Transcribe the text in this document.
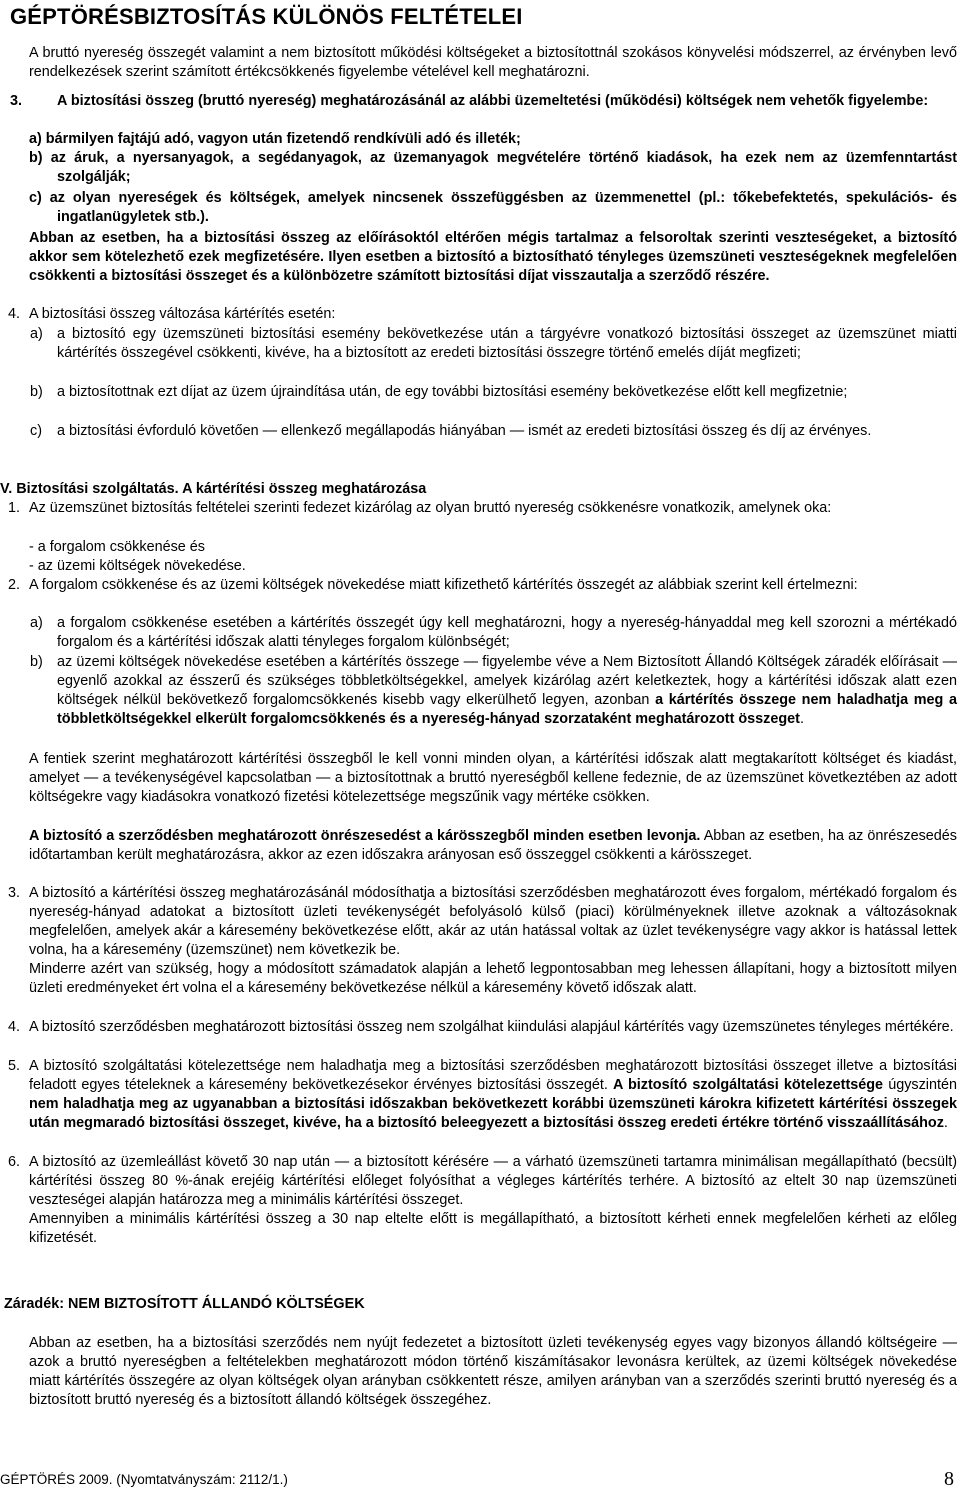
GÉPTÖRÉSBIZTOSÍTÁS KÜLÖNÖS FELTÉTELEI
A bruttó nyereség összegét valamint a nem biztosított működési költségeket a biztosítottnál szokásos könyvelési módszerrel, az érvényben levő rendelkezések szerint számított értékcsökkenés figyelembe vételével kell meghatározni.
3.	A biztosítási összeg (bruttó nyereség) meghatározásánál az alábbi üzemeltetési (működési) költségek nem vehetők figyelembe:
a) bármilyen fajtájú adó, vagyon után fizetendő rendkívüli adó és illeték;
b) az áruk, a nyersanyagok, a segédanyagok, az üzemanyagok megvételére történő kiadások, ha ezek nem az üzemfenntartást szolgálják;
c) az olyan nyereségek és költségek, amelyek nincsenek összefüggésben az üzemmenettel (pl.: tőkebefektetés, spekulációs- és ingatlanügyletek stb.).
Abban az esetben, ha a biztosítási összeg az előírásoktól eltérően mégis tartalmaz a felsoroltak szerinti veszteségeket, a biztosító akkor sem kötelezhető ezek megfizetésére. Ilyen esetben a biztosító a biztosítható tényleges üzemszüneti veszteségeknek megfelelően csökkenti a biztosítási összeget és a különbözetre számított biztosítási díjat visszautalja a szerződő részére.
4. A biztosítási összeg változása kártérítés esetén:
a) a biztosító egy üzemszüneti biztosítási esemény bekövetkezése után a tárgyévre vonatkozó biztosítási összeget az üzemszünet miatti kártérítés összegével csökkenti, kivéve, ha a biztosított az eredeti biztosítási összegre történő emelés díját megfizeti;
b) a biztosítottnak ezt díjat az üzem újraindítása után, de egy további biztosítási esemény bekövetkezése előtt kell megfizetnie;
c) a biztosítási évforduló követően — ellenkező megállapodás hiányában — ismét az eredeti biztosítási összeg és díj az érvényes.
V. Biztosítási szolgáltatás. A kártérítési összeg meghatározása
1. Az üzemszünet biztosítás feltételei szerinti fedezet kizárólag az olyan bruttó nyereség csökkenésre vonatkozik, amelynek oka:
- a forgalom csökkenése és
- az üzemi költségek növekedése.
2. A forgalom csökkenése és az üzemi költségek növekedése miatt kifizethető kártérítés összegét az alábbiak szerint kell értelmezni:
a) a forgalom csökkenése esetében a kártérítés összegét úgy kell meghatározni, hogy a nyereség-hányaddal meg kell szorozni a mértékadó forgalom és a kártérítési időszak alatti tényleges forgalom különbségét;
b) az üzemi költségek növekedése esetében a kártérítés összege — figyelembe véve a Nem Biztosított Állandó Költségek záradék előírásait — egyenlő azokkal az ésszerű és szükséges többletköltségekkel, amelyek kizárólag azért keletkeztek, hogy a kártérítési időszak alatt ezen költségek nélkül bekövetkező forgalomcsökkenés kisebb vagy elkerülhető legyen, azonban a kártérítés összege nem haladhatja meg a többletköltségekkel elkerült forgalomcsökkenés és a nyereség-hányad szorzataként meghatározott összeget.
A fentiek szerint meghatározott kártérítési összegből le kell vonni minden olyan, a kártérítési időszak alatt megtakarított költséget és kiadást, amelyet — a tevékenységével kapcsolatban — a biztosítottnak a bruttó nyereségből kellene fedeznie, de az üzemszünet következtében az adott költségekre vagy kiadásokra vonatkozó fizetési kötelezettsége megszűnik vagy mértéke csökken.
A biztosító a szerződésben meghatározott önrészesedést a kárösszegből minden esetben levonja. Abban az esetben, ha az önrészesedés időtartamban került meghatározásra, akkor az ezen időszakra arányosan eső összeggel csökkenti a kárösszeget.
3. A biztosító a kártérítési összeg meghatározásánál módosíthatja a biztosítási szerződésben meghatározott éves forgalom, mértékadó forgalom és nyereség-hányad adatokat a biztosított üzleti tevékenységét befolyásoló külső (piaci) körülményeknek illetve azoknak a változásoknak megfelelően, amelyek akár a káresemény bekövetkezése előtt, akár az után hatással voltak az üzlet tevékenységre vagy akkor is hatással lettek volna, ha a káresemény (üzemszünet) nem következik be.
Minderre azért van szükség, hogy a módosított számadatok alapján a lehető legpontosabban meg lehessen állapítani, hogy a biztosított milyen üzleti eredményeket ért volna el a káresemény bekövetkezése nélkül a káresemény követő időszak alatt.
4. A biztosító szerződésben meghatározott biztosítási összeg nem szolgálhat kiindulási alapjául kártérítés vagy üzemszünetes tényleges mértékére.
5. A biztosító szolgáltatási kötelezettsége nem haladhatja meg a biztosítási szerződésben meghatározott biztosítási összeget illetve a biztosítási feladott egyes tételeknek a káresemény bekövetkezésekor érvényes biztosítási összegét. A biztosító szolgáltatási kötelezettsége úgyszintén nem haladhatja meg az ugyanabban a biztosítási időszakban bekövetkezett korábbi üzemszüneti károkra kifizetett kártérítési összegek után megmaradó biztosítási összeget, kivéve, ha a biztosító beleegyezett a biztosítási összeg eredeti értékre történő visszaállításához.
6. A biztosító az üzemleállást követő 30 nap után — a biztosított kérésére — a várható üzemszüneti tartamra minimálisan megállapítható (becsült) kártérítési összeg 80 %-ának erejéig kártérítési előleget folyósíthat a végleges kártérítés terhére. A biztosító az eltelt 30 nap üzemszüneti veszteségei alapján határozza meg a minimális kártérítési összeget.
Amennyiben a minimális kártérítési összeg a 30 nap eltelte előtt is megállapítható, a biztosított kérheti ennek megfelelően kérheti az előleg kifizetését.
Záradék: NEM BIZTOSÍTOTT ÁLLANDÓ KÖLTSÉGEK
Abban az esetben, ha a biztosítási szerződés nem nyújt fedezetet a biztosított üzleti tevékenység egyes vagy bizonyos állandó költségeire — azok a bruttó nyereségben a feltételekben meghatározott módon történő kiszámításakor levonásra kerültek, az üzemi költségek növekedése miatt kártérítés összegére az olyan költségek olyan arányban csökkentett része, amilyen arányban van a szerződés szerinti bruttó nyereség és a biztosított bruttó nyereség és a biztosított állandó költségek összegéhez.
GÉPTÖRÉS 2009. (Nyomtatványszám: 2112/1.)	8
